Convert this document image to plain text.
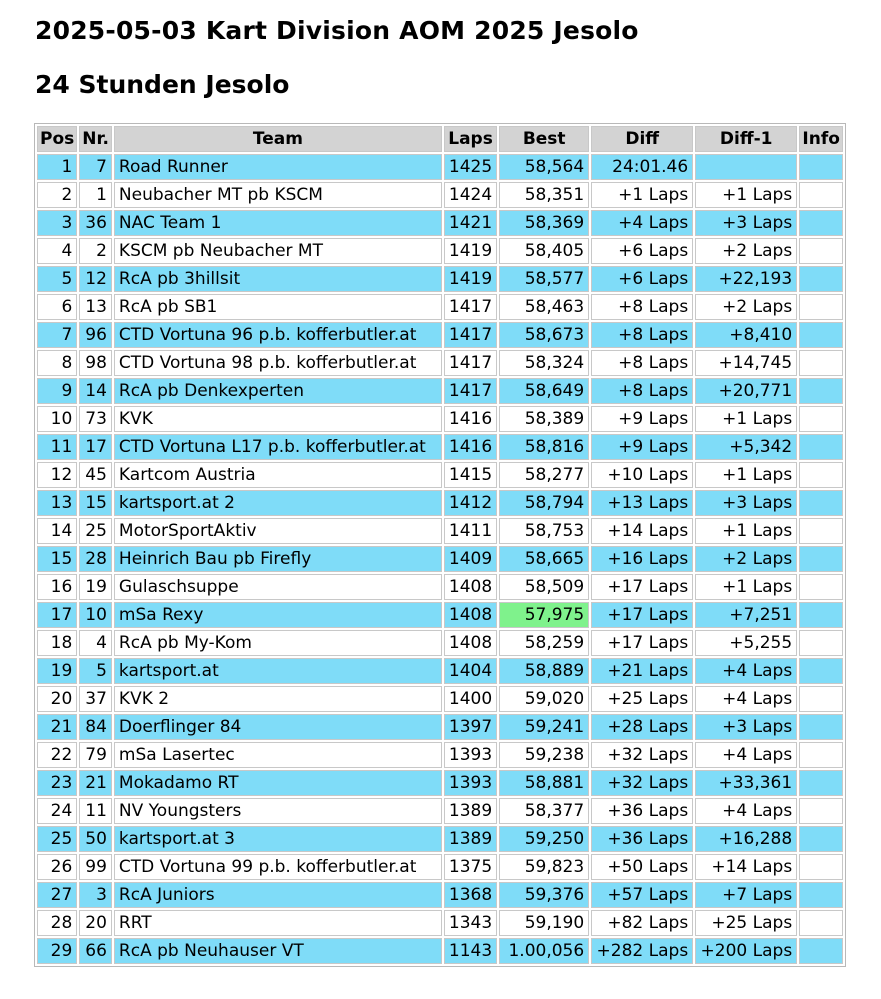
2025-05-03 Kart Division AOM 2025 Jesolo
24 Stunden Jesolo
Pos	Nr.	Team	Laps	Best	Diff	Diff-1	Info
1	7	Road Runner	1425	58,564	24:01.46		
2	1	Neubacher MT pb KSCM	1424	58,351	+1 Laps	+1 Laps	
3	36	NAC Team 1	1421	58,369	+4 Laps	+3 Laps	
4	2	KSCM pb Neubacher MT	1419	58,405	+6 Laps	+2 Laps	
5	12	RcA pb 3hillsit	1419	58,577	+6 Laps	+22,193	
6	13	RcA pb SB1	1417	58,463	+8 Laps	+2 Laps	
7	96	CTD Vortuna 96 p.b. kofferbutler.at	1417	58,673	+8 Laps	+8,410	
8	98	CTD Vortuna 98 p.b. kofferbutler.at	1417	58,324	+8 Laps	+14,745	
9	14	RcA pb Denkexperten	1417	58,649	+8 Laps	+20,771	
10	73	KVK	1416	58,389	+9 Laps	+1 Laps	
11	17	CTD Vortuna L17 p.b. kofferbutler.at	1416	58,816	+9 Laps	+5,342	
12	45	Kartcom Austria	1415	58,277	+10 Laps	+1 Laps	
13	15	kartsport.at 2	1412	58,794	+13 Laps	+3 Laps	
14	25	MotorSportAktiv	1411	58,753	+14 Laps	+1 Laps	
15	28	Heinrich Bau pb Firefly	1409	58,665	+16 Laps	+2 Laps	
16	19	Gulaschsuppe	1408	58,509	+17 Laps	+1 Laps	
17	10	mSa Rexy	1408	57,975	+17 Laps	+7,251	
18	4	RcA pb My-Kom	1408	58,259	+17 Laps	+5,255	
19	5	kartsport.at	1404	58,889	+21 Laps	+4 Laps	
20	37	KVK 2	1400	59,020	+25 Laps	+4 Laps	
21	84	Doerflinger 84	1397	59,241	+28 Laps	+3 Laps	
22	79	mSa Lasertec	1393	59,238	+32 Laps	+4 Laps	
23	21	Mokadamo RT	1393	58,881	+32 Laps	+33,361	
24	11	NV Youngsters	1389	58,377	+36 Laps	+4 Laps	
25	50	kartsport.at 3	1389	59,250	+36 Laps	+16,288	
26	99	CTD Vortuna 99 p.b. kofferbutler.at	1375	59,823	+50 Laps	+14 Laps	
27	3	RcA Juniors	1368	59,376	+57 Laps	+7 Laps	
28	20	RRT	1343	59,190	+82 Laps	+25 Laps	
29	66	RcA pb Neuhauser VT	1143	1.00,056	+282 Laps	+200 Laps	
